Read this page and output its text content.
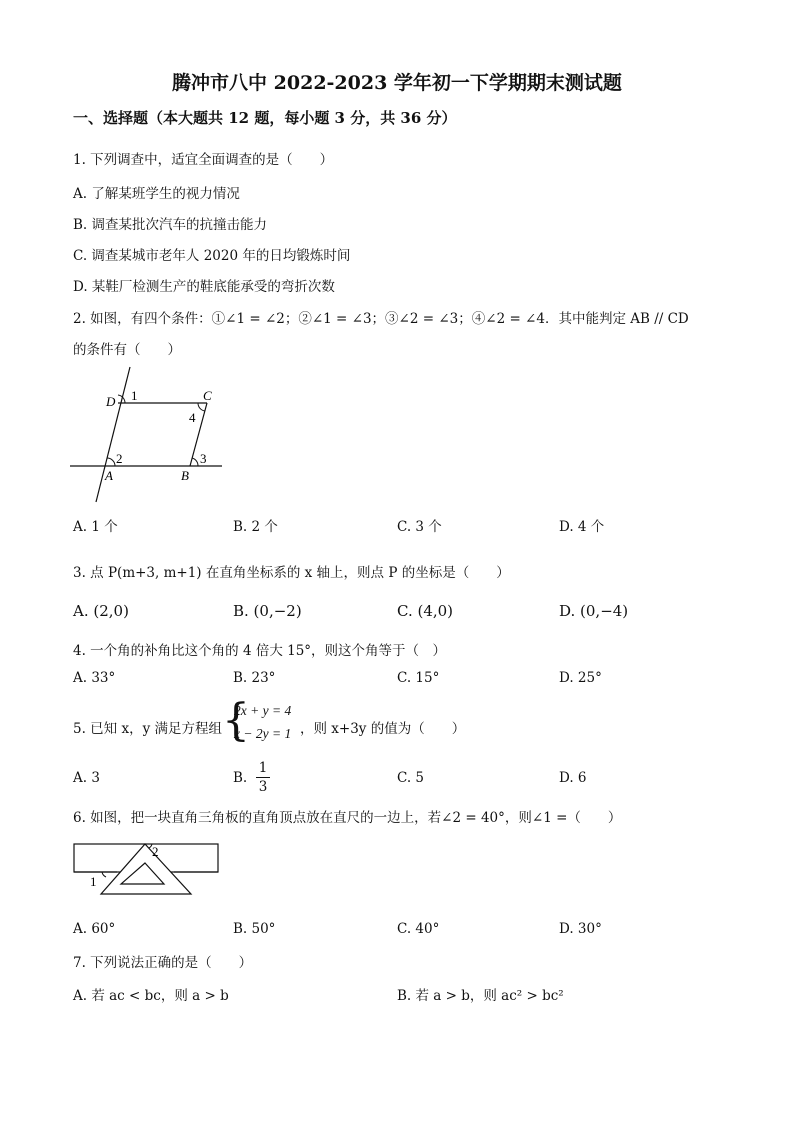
腾冲市八中 2022-2023 学年初一下学期期末测试题
一、选择题（本大题共 12 题，每小题 3 分，共 36 分）
1. 下列调查中，适宜全面调查的是（　　）
A. 了解某班学生的视力情况
B. 调查某批次汽车的抗撞击能力
C. 调查某城市老年人 2020 年的日均锻炼时间
D. 某鞋厂检测生产的鞋底能承受的弯折次数
2. 如图，有四个条件：①∠1 = ∠2；②∠1 = ∠3；③∠2 = ∠3；④∠2 = ∠4．其中能判定 AB // CD
的条件有（　　）
D	C
A	B
1
2	3
4
A. 1 个	B. 2 个	C. 3 个	D. 4 个
3. 点 P(m+3, m+1) 在直角坐标系的 x 轴上，则点 P 的坐标是（　　）
A. (2,0)	B. (0,−2)	C. (4,0)	D. (0,−4)
4. 一个角的补角比这个角的 4 倍大 15°，则这个角等于（　）
A. 33°	B. 23°	C. 15°	D. 25°
5. 已知 x，y 满足方程组 {
2x + y = 4
x − 2y = 1 ，则 x+3y 的值为（　　）
A. 3	B.
1
3
C. 5	D. 6
6. 如图，把一块直角三角板的直角顶点放在直尺的一边上，若∠2 = 40°，则∠1 =（　　）
2
1
A. 60°	B. 50°	C. 40°	D. 30°
7. 下列说法正确的是（　　）
A. 若 ac < bc，则 a > b	B. 若 a > b，则 ac² > bc²
